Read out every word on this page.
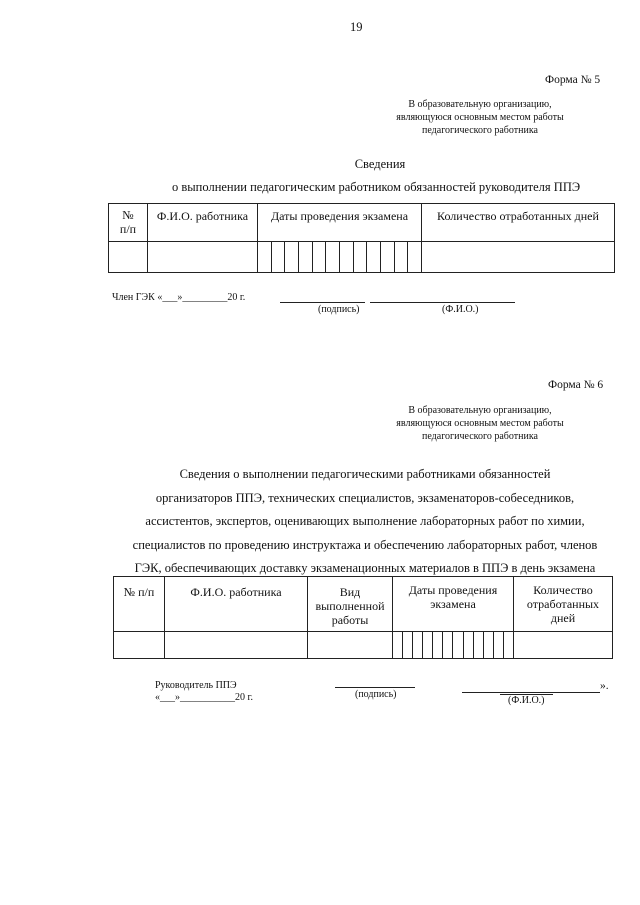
19
Форма № 5
В образовательную организацию,
являющуюся основным местом работы
педагогического работника
Сведения
о выполнении педагогическим работником обязанностей руководителя ППЭ
№ п/п	Ф.И.О. работника	Даты проведения экзамена	Количество отработанных дней

Член ГЭК «___»_________20 г.
(подпись)	(Ф.И.О.)
Форма № 6
В образовательную организацию,
являющуюся основным местом работы
педагогического работника
Сведения о выполнении педагогическими работниками обязанностей
организаторов ППЭ, технических специалистов, экзаменаторов-собеседников,
ассистентов, экспертов, оценивающих выполнение лабораторных работ по химии,
специалистов по проведению инструктажа и обеспечению лабораторных работ, членов
ГЭК, обеспечивающих доставку экзаменационных материалов в ППЭ в день экзамена
№ п/п	Ф.И.О. работника	Вид выполненной работы	Даты проведения экзамена	Количество отработанных дней

Руководитель ППЭ
«___»___________20 г.	(подпись)
».
(Ф.И.О.)
